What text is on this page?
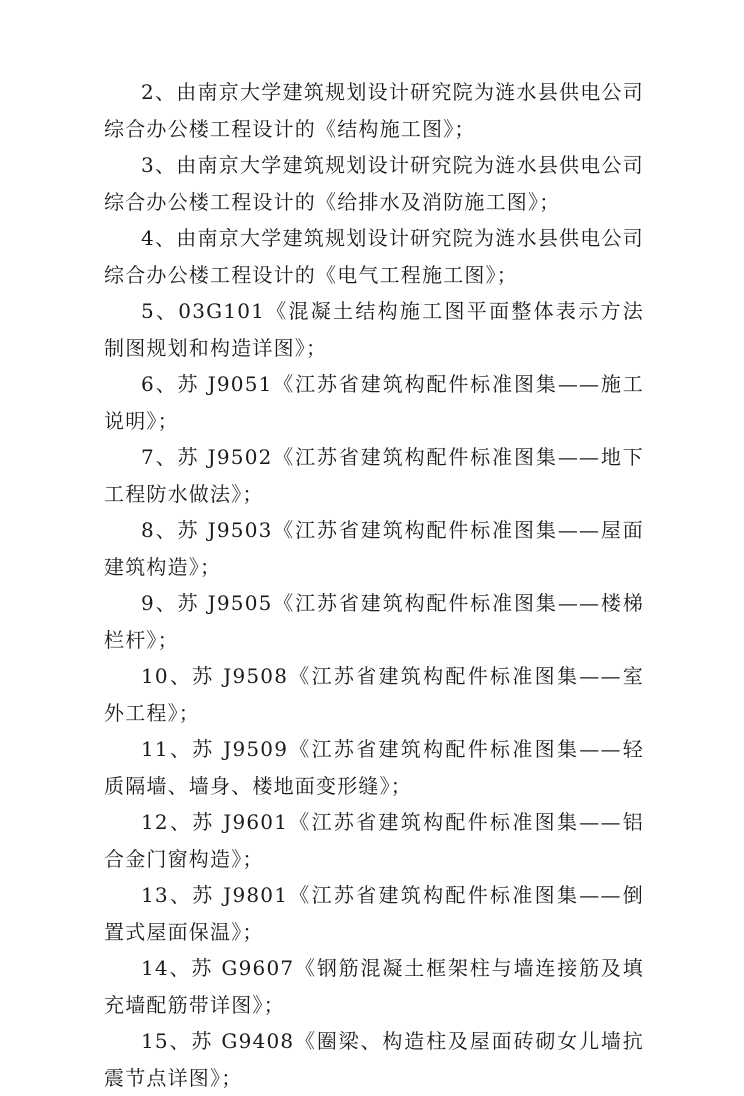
2、由南京大学建筑规划设计研究院为涟水县供电公司综合办公楼工程设计的《结构施工图》；

3、由南京大学建筑规划设计研究院为涟水县供电公司综合办公楼工程设计的《给排水及消防施工图》；

4、由南京大学建筑规划设计研究院为涟水县供电公司综合办公楼工程设计的《电气工程施工图》；

5、03G101《混凝土结构施工图平面整体表示方法制图规划和构造详图》；

6、苏 J9051《江苏省建筑构配件标准图集——施工说明》；

7、苏 J9502《江苏省建筑构配件标准图集——地下工程防水做法》；

8、苏 J9503《江苏省建筑构配件标准图集——屋面建筑构造》；

9、苏 J9505《江苏省建筑构配件标准图集——楼梯栏杆》；

10、苏 J9508《江苏省建筑构配件标准图集——室外工程》；

11、苏 J9509《江苏省建筑构配件标准图集——轻质隔墙、墙身、楼地面变形缝》；

12、苏 J9601《江苏省建筑构配件标准图集——铝合金门窗构造》；

13、苏 J9801《江苏省建筑构配件标准图集——倒置式屋面保温》；

14、苏 G9607《钢筋混凝土框架柱与墙连接筋及填充墙配筋带详图》；

15、苏 G9408《圈梁、构造柱及屋面砖砌女儿墙抗震节点详图》；
